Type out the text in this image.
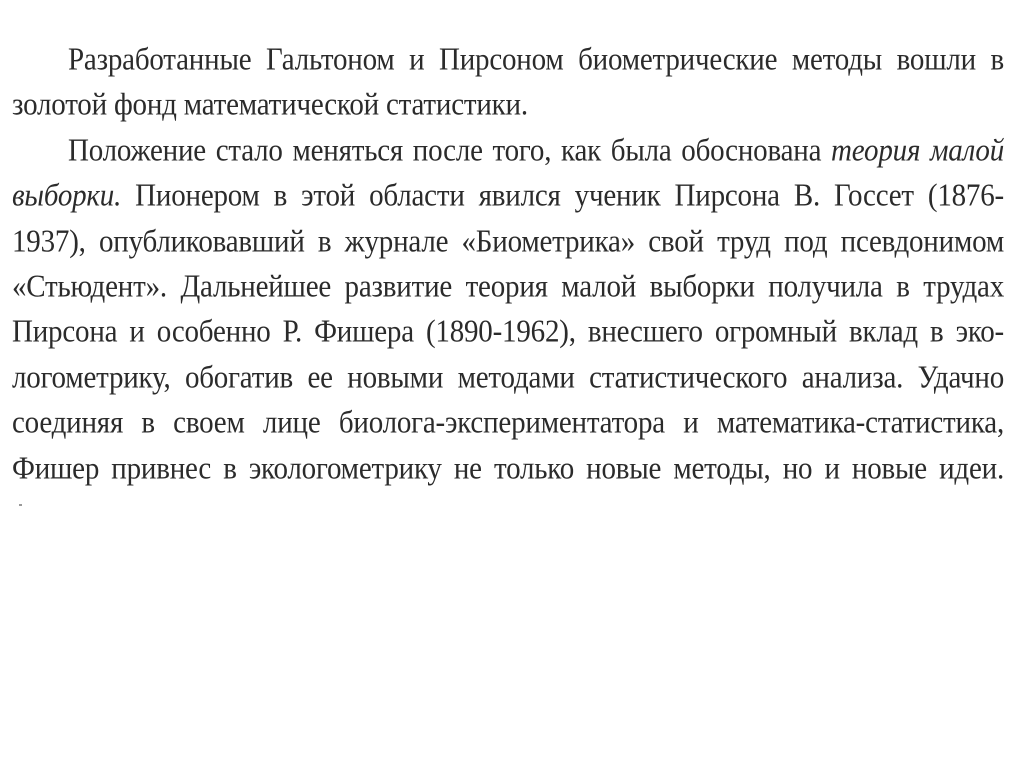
Разработанные Гальтоном и Пирсоном биометрические методы вошли в
золотой фонд математической статистики.
Положение стало меняться после того, как была обоснована теория малой
выборки. Пионером в этой области явился ученик Пирсона В. Госсет (1876-
1937), опубликовавший в журнале «Биометрика» свой труд под псевдонимом
«Стьюдент». Дальнейшее развитие теория малой выборки получила в трудах
Пирсона и особенно Р. Фишера (1890-1962), внесшего огромный вклад в эко-
логометрику, обогатив ее новыми методами статистического анализа. Удачно
соединяя в своем лице биолога-экспериментатора и математика-статистика,
Фишер привнес в экологометрику не только новые методы, но и новые идеи.
